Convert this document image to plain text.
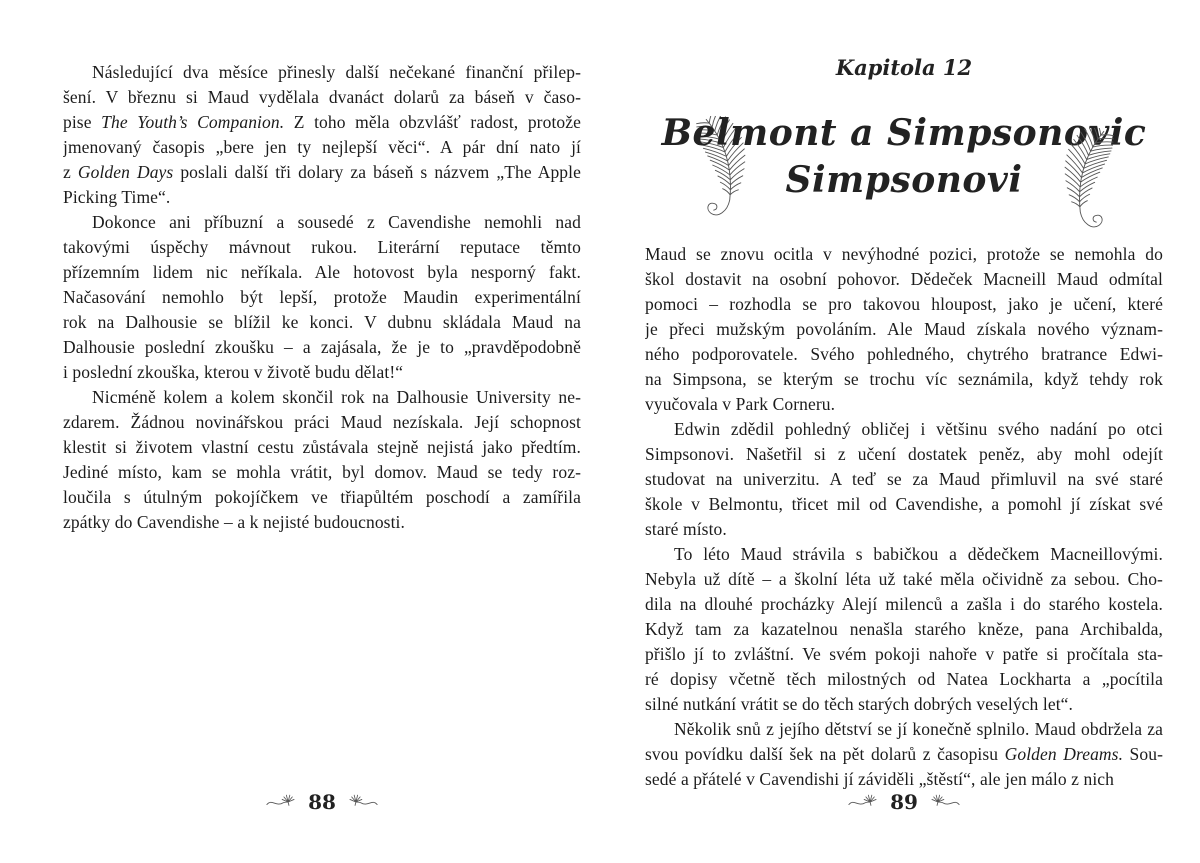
Následující dva měsíce přinesly další nečekané finanční přilep-
šení. V březnu si Maud vydělala dvanáct dolarů za báseň v časo-
pise The Youth’s Companion. Z toho měla obzvlášť radost, protože
jmenovaný časopis „bere jen ty nejlepší věci“. A pár dní nato jí
z Golden Days poslali další tři dolary za báseň s názvem „The Apple
Picking Time“.
Dokonce ani příbuzní a sousedé z Cavendishe nemohli nad
takovými úspěchy mávnout rukou. Literární reputace těmto
přízemním lidem nic neříkala. Ale hotovost byla nesporný fakt.
Načasování nemohlo být lepší, protože Maudin experimentální
rok na Dalhousie se blížil ke konci. V dubnu skládala Maud na
Dalhousie poslední zkoušku – a zajásala, že je to „pravděpodobně
i poslední zkouška, kterou v životě budu dělat!“
Nicméně kolem a kolem skončil rok na Dalhousie University ne-
zdarem. Žádnou novinářskou práci Maud nezískala. Její schopnost
klestit si životem vlastní cestu zůstávala stejně nejistá jako předtím.
Jediné místo, kam se mohla vrátit, byl domov. Maud se tedy roz-
loučila s útulným pokojíčkem ve třiapůltém poschodí a zamířila
zpátky do Cavendishe – a k nejisté budoucnosti.
88
Kapitola 12
Belmont a Simpsonovic
Simpsonovi
Maud se znovu ocitla v nevýhodné pozici, protože se nemohla do
škol dostavit na osobní pohovor. Dědeček Macneill Maud odmítal
pomoci – rozhodla se pro takovou hloupost, jako je učení, které
je přeci mužským povoláním. Ale Maud získala nového význam-
ného podporovatele. Svého pohledného, chytrého bratrance Edwi-
na Simpsona, se kterým se trochu víc seznámila, když tehdy rok
vyučovala v Park Corneru.
Edwin zdědil pohledný obličej i většinu svého nadání po otci
Simpsonovi. Našetřil si z učení dostatek peněz, aby mohl odejít
studovat na univerzitu. A teď se za Maud přimluvil na své staré
škole v Belmontu, třicet mil od Cavendishe, a pomohl jí získat své
staré místo.
To léto Maud strávila s babičkou a dědečkem Macneillovými.
Nebyla už dítě – a školní léta už také měla očividně za sebou. Cho-
dila na dlouhé procházky Alejí milenců a zašla i do starého kostela.
Když tam za kazatelnou nenašla starého kněze, pana Archibalda,
přišlo jí to zvláštní. Ve svém pokoji nahoře v patře si pročítala sta-
ré dopisy včetně těch milostných od Natea Lockharta a „pocítila
silné nutkání vrátit se do těch starých dobrých veselých let“.
Několik snů z jejího dětství se jí konečně splnilo. Maud obdržela za
svou povídku další šek na pět dolarů z časopisu Golden Dreams. Sou-
sedé a přátelé v Cavendishi jí záviděli „štěstí“, ale jen málo z nich
89
